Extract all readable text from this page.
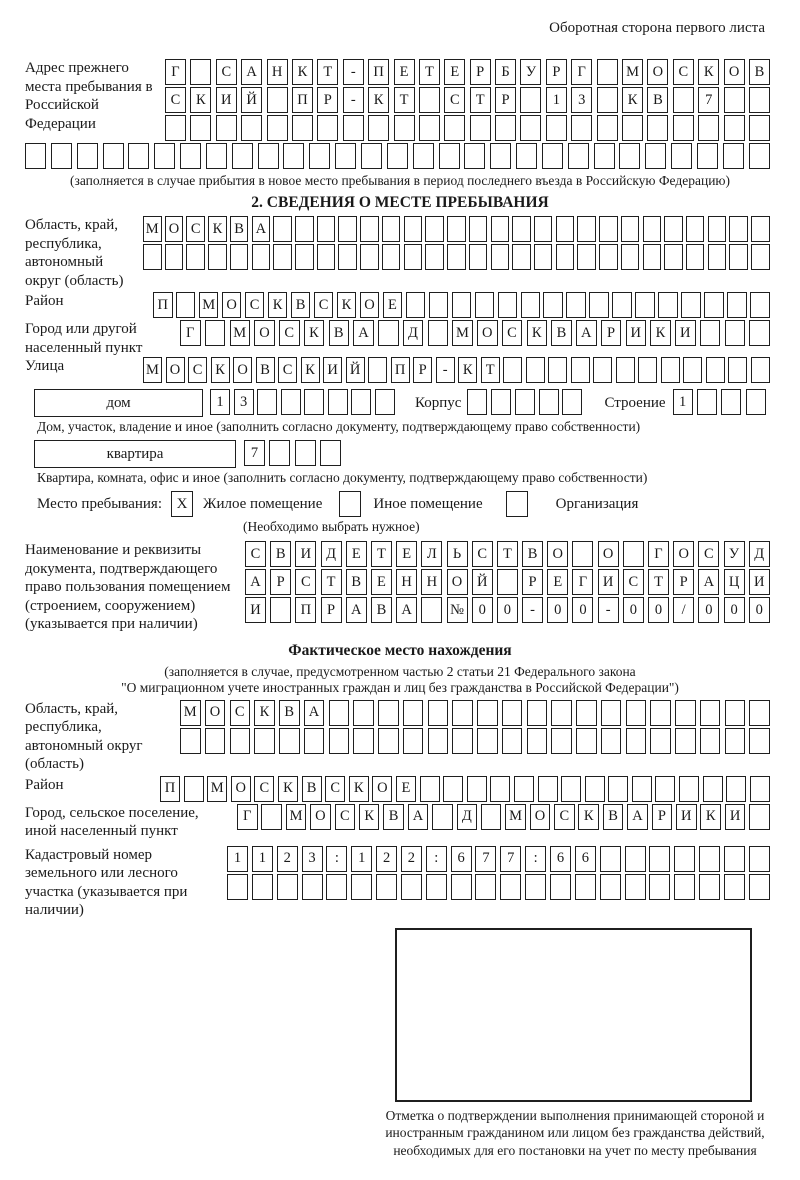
Оборотная сторона первого листа
Адрес прежнего места пребывания в Российской Федерации
Г	С	А	Н	К	Т	-	П	Е	Т	Е	Р	Б	У	Р	Г	М О	С	К	О	В
С	К	И	Й	П	Р	-	К	Т	С	Т	Р	1	3	К	В	7
(заполняется в случае прибытия в новое место пребывания в период последнего въезда в Российскую Федерацию)
2. СВЕДЕНИЯ О МЕСТЕ ПРЕБЫВАНИЯ
Область, край, республика, автономный округ (область)
М О С К В А
Район	П	М О С К В С К О Е
Город или другой населенный пункт
Г	М О	С	К	В	А	Д	М О	С	К	В	А	Р	И	К	И
Улица	М О С К О В С К И Й П Р	-	К Т
дом	1	3	Корпус	Строение 1
Дом, участок, владение и иное (заполнить согласно документу, подтверждающему право собственности)
квартира	7
Квартира, комната, офис и иное (заполнить согласно документу, подтверждающему право собственности)
Место пребывания: X	Жилое помещение	Иное помещение	Организация
(Необходимо выбрать нужное)
Наименование и реквизиты документа, подтверждающего право пользования помещением (строением, сооружением) (указывается при наличии)
С	В	И	Д	Е	Т	Е	Л	Ь	С	Т	В	О	О	Г	О	С	У	Д
А	Р	С	Т	В	Е	Н	Н	О	Й	Р	Е	Г	И	С	Т	Р	А	Ц	И
И	П	Р	А	В	А	№	0	0	-	0	0	-	0	0	/	0	0	0
Фактическое место нахождения
(заполняется в случае, предусмотренном частью 2 статьи 21 Федерального закона
"О миграционном учете иностранных граждан и лиц без гражданства в Российской Федерации")
Область, край, республика, автономный округ (область)
М О	С	К	В	А
Район	П	М О С К В С К О Е
Город, сельское поселение, иной населенный пункт
Г	М О С	К	В А	Д	М О С	К	В А	Р	И К И
Кадастровый номер земельного или лесного участка (указывается при наличии)
1	1	2	3	:	1	2	2	:	6	7	7	:	6	6
Отметка о подтверждении выполнения принимающей стороной и иностранным гражданином или лицом без гражданства действий, необходимых для его постановки на учет по месту пребывания
